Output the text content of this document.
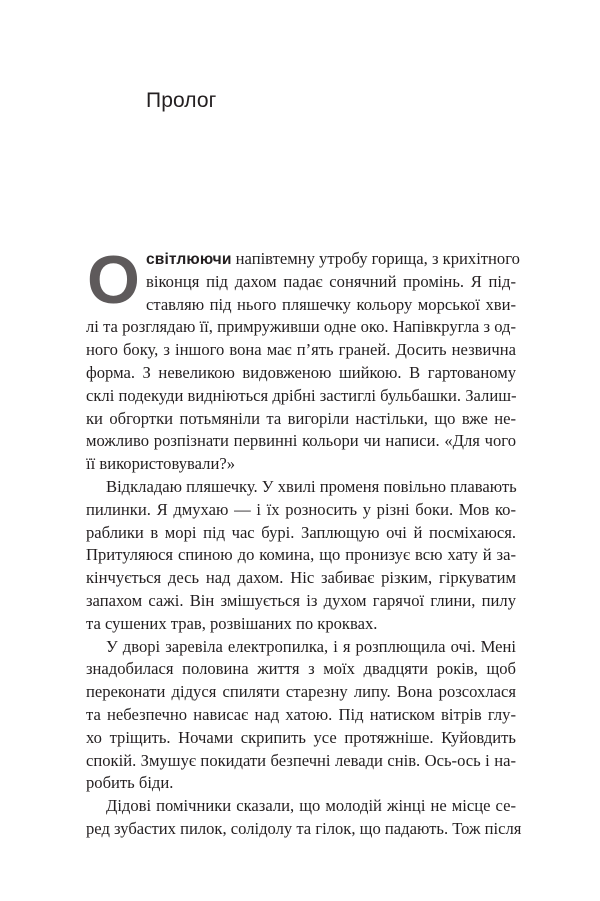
Пролог
О світлюючи напівтемну утробу горища, з крихітного
віконця під дахом падає сонячний промінь. Я під-
ставляю під нього пляшечку кольору морської хви-
лі та розглядаю її, примруживши одне око. Напівкругла з од-
ного боку, з іншого вона має п’ять граней. Досить незвична
форма. З невеликою видовженою шийкою. В гартованому
склі подекуди видніються дрібні застиглі бульбашки. Залиш-
ки обгортки потьмяніли та вигоріли настільки, що вже не-
можливо розпізнати первинні кольори чи написи. «Для чого
її використовували?»
Відкладаю пляшечку. У хвилі променя повільно плавають
пилинки. Я дмухаю — і їх розносить у різні боки. Мов ко-
раблики в морі під час бурі. Заплющую очі й посміхаюся.
Притуляюся спиною до комина, що пронизує всю хату й за-
кінчується десь над дахом. Ніс забиває різким, гіркуватим
запахом сажі. Він змішується із духом гарячої глини, пилу
та сушених трав, розвішаних по кроквах.
У дворі заревіла електропилка, і я розплющила очі. Мені
знадобилася половина життя з моїх двадцяти років, щоб
переконати дідуся спиляти старезну липу. Вона розсохлася
та небезпечно нависає над хатою. Під натиском вітрів глу-
хо тріщить. Ночами скрипить усе протяжніше. Куйовдить
спокій. Змушує покидати безпечні левади снів. Ось-ось і на-
робить біди.
Дідові помічники сказали, що молодій жінці не місце се-
ред зубастих пилок, солідолу та гілок, що падають. Тож після
